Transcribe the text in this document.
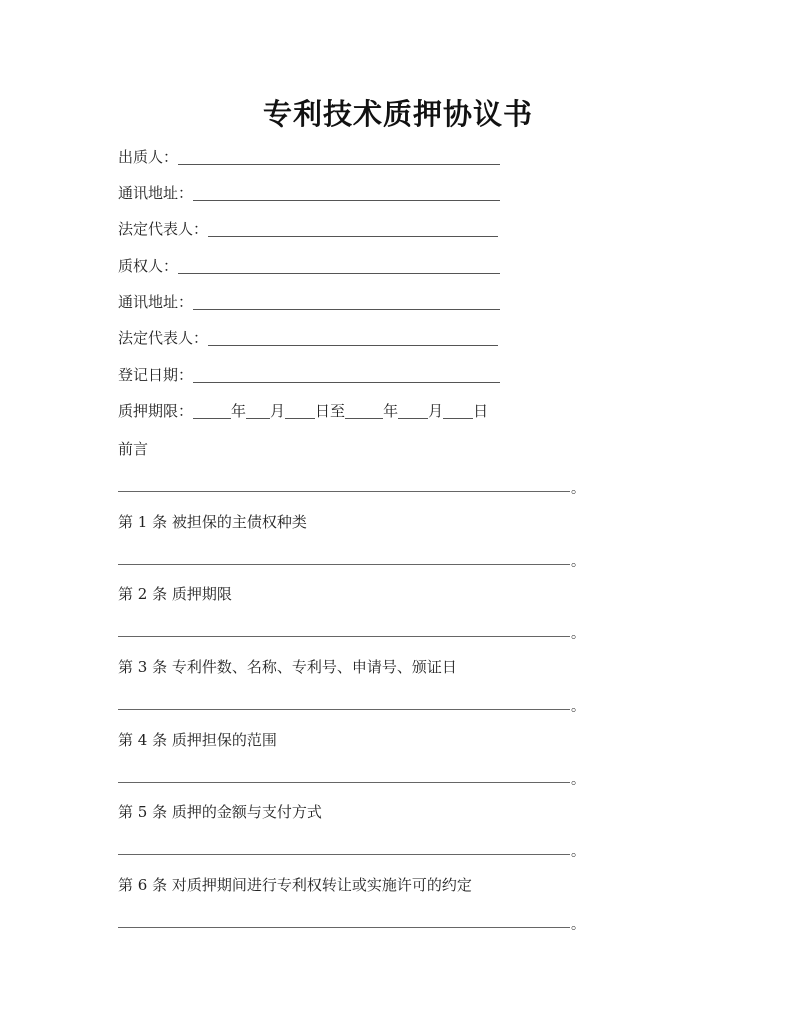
专利技术质押协议书
出质人：
通讯地址：
法定代表人：
质权人：
通讯地址：
法定代表人：
登记日期：
质押期限：	年 月 日至	年 月 日
前言
。
第 1 条 被担保的主债权种类
。
第 2 条 质押期限
。
第 3 条 专利件数、名称、专利号、申请号、颁证日
。
第 4 条 质押担保的范围
。
第 5 条 质押的金额与支付方式
。
第 6 条 对质押期间进行专利权转让或实施许可的约定
。
